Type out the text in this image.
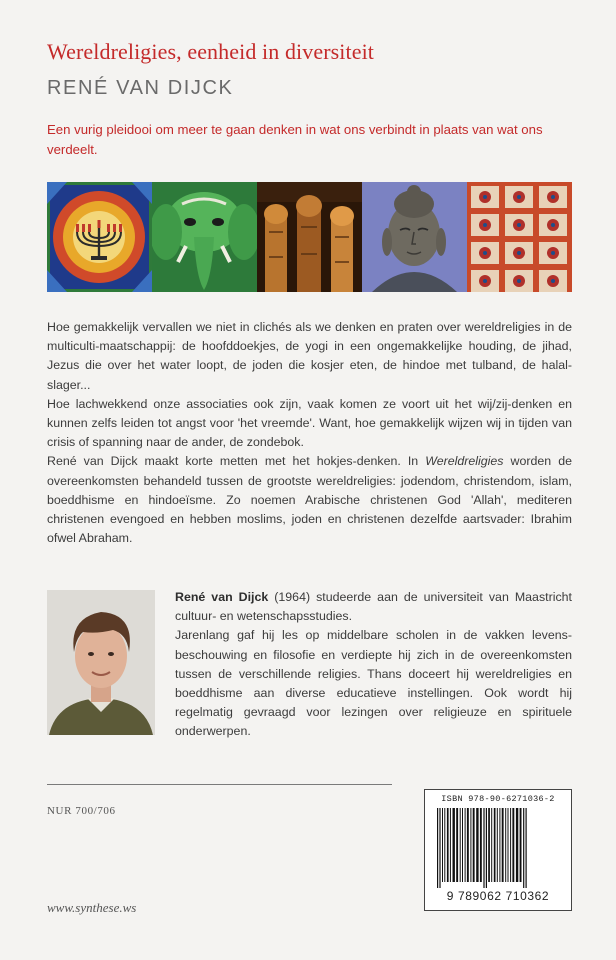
Wereldreligies, eenheid in diversiteit
RENÉ VAN DIJCK
Een vurig pleidooi om meer te gaan denken in wat ons verbindt in plaats van wat ons verdeelt.

Hoe gemakkelijk vervallen we niet in clichés als we denken en praten over wereldreligies in de multiculti-maatschappij: de hoofddoekjes, de yogi in een ongemakkelijke houding, de jihad, Jezus die over het water loopt, de joden die kosjer eten, de hindoe met tulband, de halal-slager...

Hoe lachwekkend onze associaties ook zijn, vaak komen ze voort uit het wij/zij-denken en kunnen zelfs leiden tot angst voor 'het vreemde'. Want, hoe gemakkelijk wijzen wij in tijden van crisis of spanning naar de ander, de zondebok.

René van Dijck maakt korte metten met het hokjes-denken. In Wereldreligies worden de overeenkomsten behandeld tussen de grootste wereldreligies: jodendom, christendom, islam, boeddhisme en hindoeïsme. Zo noemen Arabische christenen God 'Allah', mediteren christenen evengoed en hebben moslims, joden en christenen dezelfde aartsvader: Ibrahim ofwel Abraham.

René van Dijck (1964) studeerde aan de universiteit van Maastricht cultuur- en wetenschapsstudies.

Jarenlang gaf hij les op middelbare scholen in de vakken levensbeschouwing en filosofie en verdiepte hij zich in de overeenkomsten tussen de verschillende religies. Thans doceert hij wereldreligies en boeddhisme aan diverse educatieve instellingen. Ook wordt hij regelmatig gevraagd voor lezingen over religieuze en spirituele onderwerpen.

NUR 700/706
www.synthese.ws
ISBN 978-90-6271036-2
9 789062 710362
